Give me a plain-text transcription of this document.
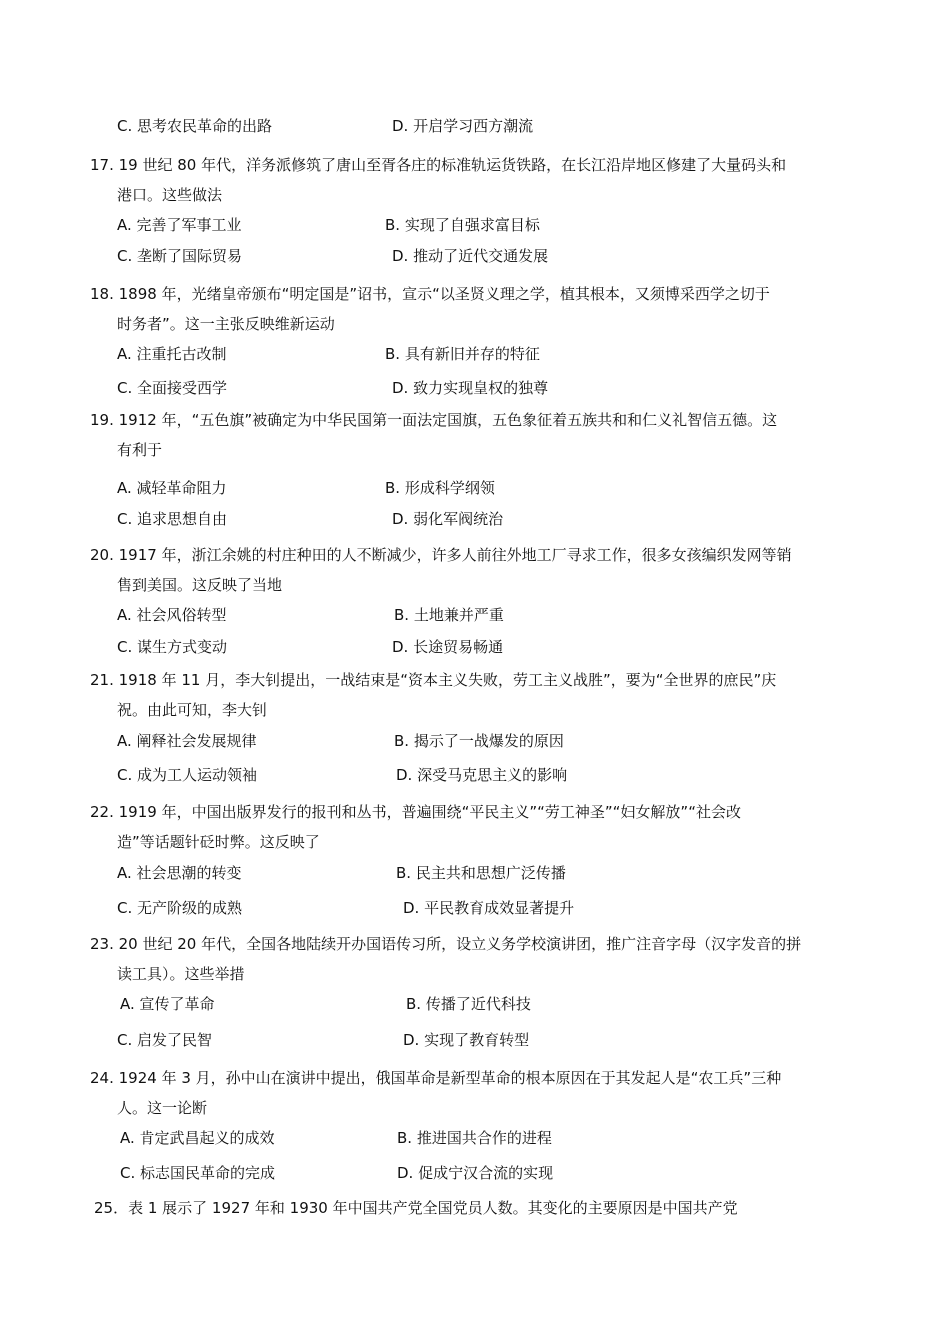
C. 思考农民革命的出路	D. 开启学习西方潮流
17. 19 世纪 80 年代，洋务派修筑了唐山至胥各庄的标准轨运货铁路，在长江沿岸地区修建了大量码头和
港口。这些做法
A. 完善了军事工业	B. 实现了自强求富目标
C. 垄断了国际贸易	D. 推动了近代交通发展
18. 1898 年，光绪皇帝颁布“明定国是”诏书，宣示“以圣贤义理之学，植其根本，又须博采西学之切于
时务者”。这一主张反映维新运动
A. 注重托古改制	B. 具有新旧并存的特征
C. 全面接受西学	D. 致力实现皇权的独尊
19. 1912 年，“五色旗”被确定为中华民国第一面法定国旗，五色象征着五族共和和仁义礼智信五德。这
有利于
A. 减轻革命阻力	B. 形成科学纲领
C. 追求思想自由	D. 弱化军阀统治
20. 1917 年，浙江余姚的村庄种田的人不断减少，许多人前往外地工厂寻求工作，很多女孩编织发网等销
售到美国。这反映了当地
A. 社会风俗转型	B. 土地兼并严重
C. 谋生方式变动	D. 长途贸易畅通
21. 1918 年 11 月，李大钊提出，一战结束是“资本主义失败，劳工主义战胜”，要为“全世界的庶民”庆
祝。由此可知，李大钊
A. 阐释社会发展规律	B. 揭示了一战爆发的原因
C. 成为工人运动领袖	D. 深受马克思主义的影响
22. 1919 年，中国出版界发行的报刊和丛书，普遍围绕“平民主义”“劳工神圣”“妇女解放”“社会改
造”等话题针砭时弊。这反映了
A. 社会思潮的转变	B. 民主共和思想广泛传播
C. 无产阶级的成熟	D. 平民教育成效显著提升
23. 20 世纪 20 年代，全国各地陆续开办国语传习所，设立义务学校演讲团，推广注音字母（汉字发音的拼
读工具）。这些举措
A. 宣传了革命	B. 传播了近代科技
C. 启发了民智	D. 实现了教育转型
24. 1924 年 3 月，孙中山在演讲中提出，俄国革命是新型革命的根本原因在于其发起人是“农工兵”三种
人。这一论断
A. 肯定武昌起义的成效	B. 推进国共合作的进程
C. 标志国民革命的完成	D. 促成宁汉合流的实现
25．表 1 展示了 1927 年和 1930 年中国共产党全国党员人数。其变化的主要原因是中国共产党
